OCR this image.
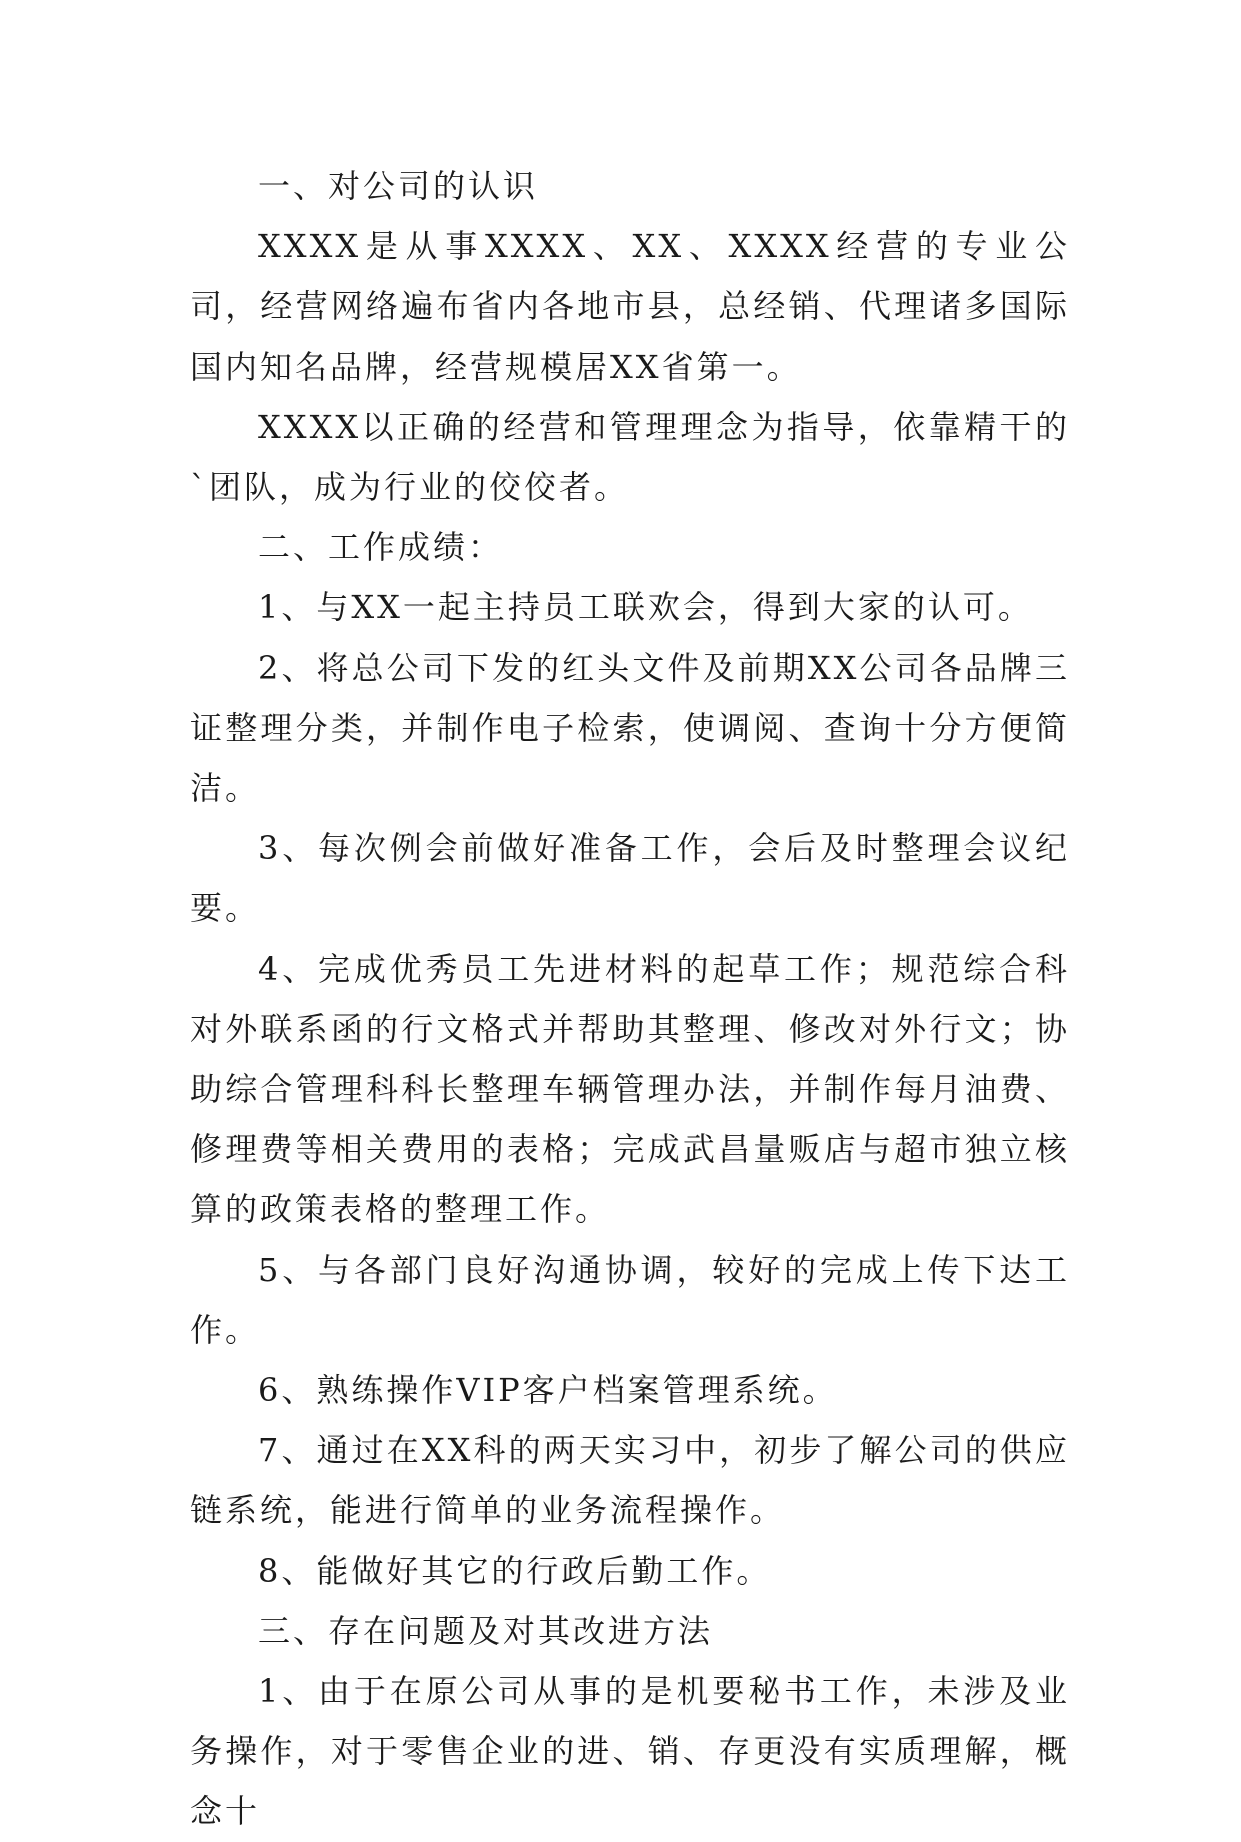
一、对公司的认识

XXXX是从事XXXX、XX、XXXX经营的专业公司，经营网络遍布省内各地市县，总经销、代理诸多国际国内知名品牌，经营规模居XX省第一。

XXXX以正确的经营和管理理念为指导，依靠精干的`团队，成为行业的佼佼者。

二、工作成绩：

1、与XX一起主持员工联欢会，得到大家的认可。

2、将总公司下发的红头文件及前期XX公司各品牌三证整理分类，并制作电子检索，使调阅、查询十分方便简洁。

3、每次例会前做好准备工作，会后及时整理会议纪要。

4、完成优秀员工先进材料的起草工作；规范综合科对外联系函的行文格式并帮助其整理、修改对外行文；协助综合管理科科长整理车辆管理办法，并制作每月油费、修理费等相关费用的表格；完成武昌量贩店与超市独立核算的政策表格的整理工作。

5、与各部门良好沟通协调，较好的完成上传下达工作。

6、熟练操作VIP客户档案管理系统。

7、通过在XX科的两天实习中，初步了解公司的供应链系统，能进行简单的业务流程操作。

8、能做好其它的行政后勤工作。

三、存在问题及对其改进方法

1、由于在原公司从事的是机要秘书工作，未涉及业务操作，对于零售企业的进、销、存更没有实质理解，概念十
